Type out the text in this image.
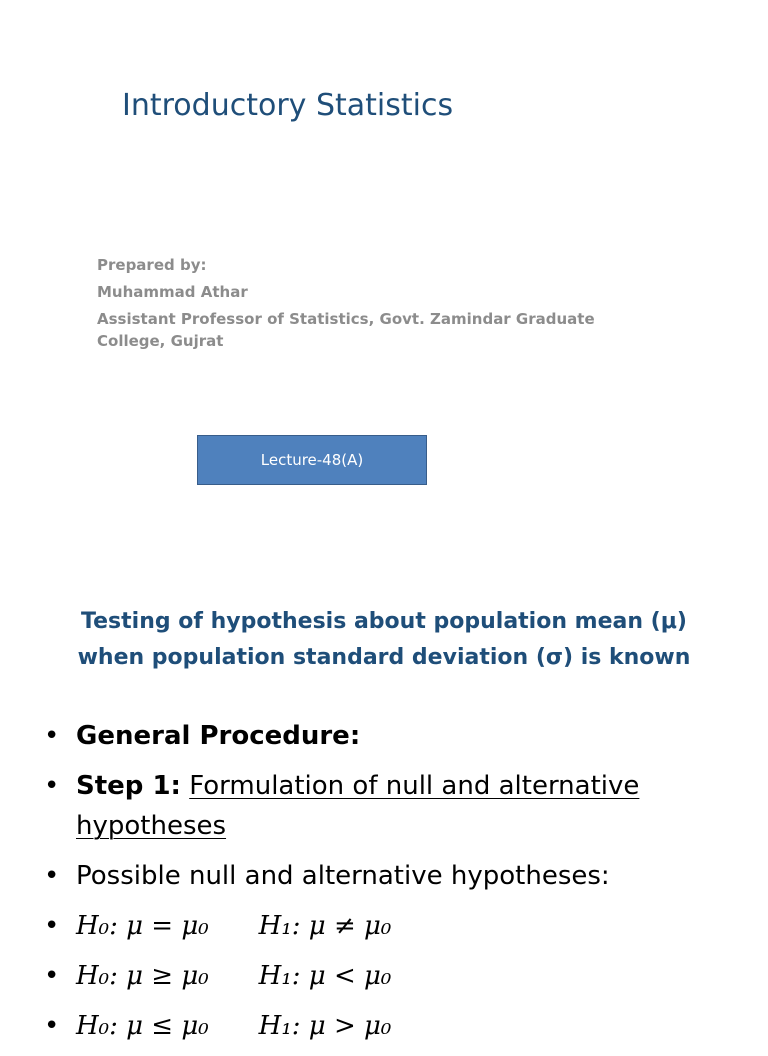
Introductory Statistics
Prepared by:
Muhammad Athar
Assistant Professor of Statistics, Govt. Zamindar Graduate College, Gujrat
Lecture-48(A)
Testing of hypothesis about population mean (μ)
when population standard deviation (σ) is known
• General Procedure:
• Step 1: Formulation of null and alternative hypotheses
• Possible null and alternative hypotheses:
• H₀: μ = μ₀ H₁: μ ≠ μ₀
• H₀: μ ≥ μ₀ H₁: μ < μ₀
• H₀: μ ≤ μ₀ H₁: μ > μ₀
